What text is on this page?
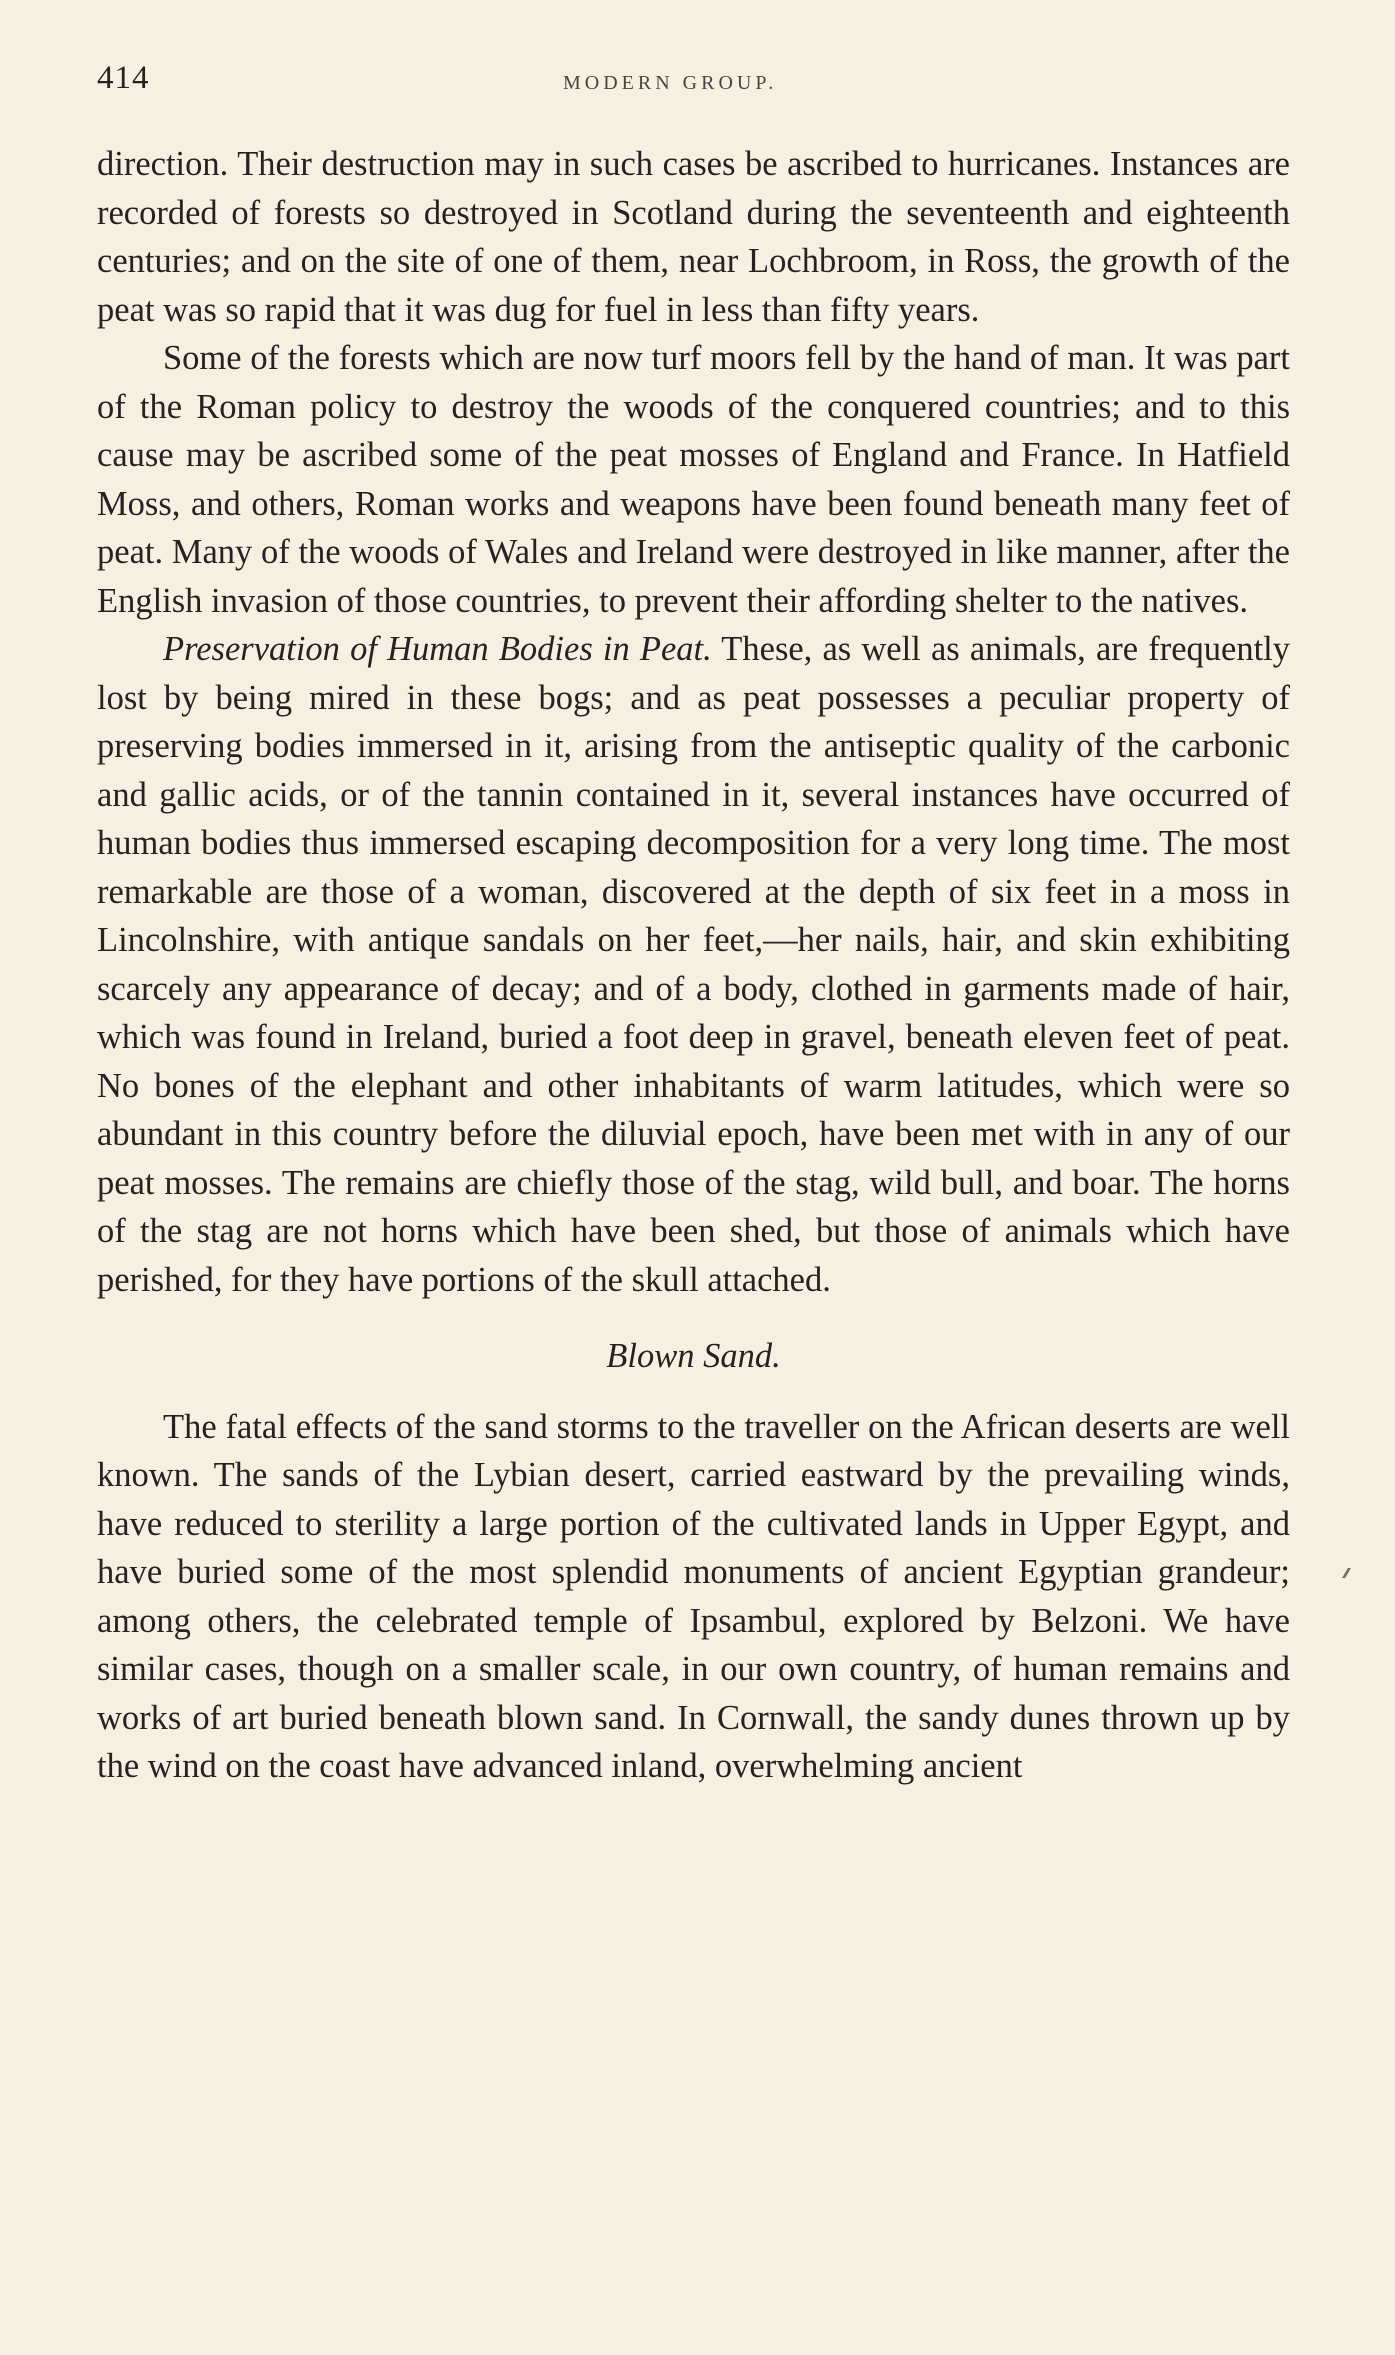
414	MODERN GROUP.

direction. Their destruction may in such cases be ascribed to hurricanes. Instances are recorded of forests so destroyed in Scotland during the seventeenth and eighteenth centuries; and on the site of one of them, near Lochbroom, in Ross, the growth of the peat was so rapid that it was dug for fuel in less than fifty years.

Some of the forests which are now turf moors fell by the hand of man. It was part of the Roman policy to destroy the woods of the conquered countries; and to this cause may be ascribed some of the peat mosses of England and France. In Hatfield Moss, and others, Roman works and weapons have been found beneath many feet of peat. Many of the woods of Wales and Ireland were destroyed in like manner, after the English invasion of those countries, to prevent their affording shelter to the natives.

Preservation of Human Bodies in Peat. These, as well as animals, are frequently lost by being mired in these bogs; and as peat possesses a peculiar property of preserving bodies immersed in it, arising from the antiseptic quality of the carbonic and gallic acids, or of the tannin contained in it, several instances have occurred of human bodies thus immersed escaping decomposition for a very long time. The most remarkable are those of a woman, discovered at the depth of six feet in a moss in Lincolnshire, with antique sandals on her feet,—her nails, hair, and skin exhibiting scarcely any appearance of decay; and of a body, clothed in garments made of hair, which was found in Ireland, buried a foot deep in gravel, beneath eleven feet of peat. No bones of the elephant and other inhabitants of warm latitudes, which were so abundant in this country before the diluvial epoch, have been met with in any of our peat mosses. The remains are chiefly those of the stag, wild bull, and boar. The horns of the stag are not horns which have been shed, but those of animals which have perished, for they have portions of the skull attached.

Blown Sand.

The fatal effects of the sand storms to the traveller on the African deserts are well known. The sands of the Lybian desert, carried eastward by the prevailing winds, have reduced to sterility a large portion of the cultivated lands in Upper Egypt, and have buried some of the most splendid monuments of ancient Egyptian grandeur; among others, the celebrated temple of Ipsambul, explored by Belzoni. We have similar cases, though on a smaller scale, in our own country, of human remains and works of art buried beneath blown sand. In Cornwall, the sandy dunes thrown up by the wind on the coast have advanced inland, overwhelming ancient
